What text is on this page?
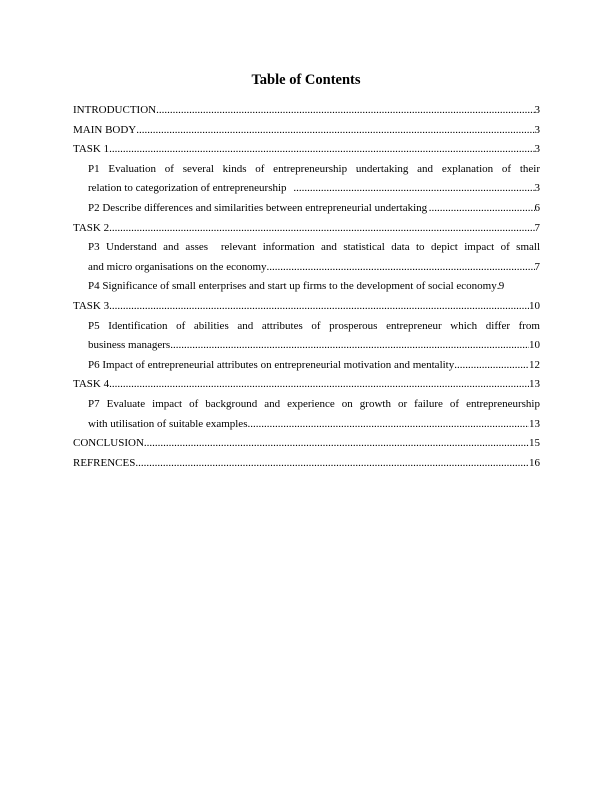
Table of Contents
INTRODUCTION .....	3
MAIN BODY .....	3
TASK 1 .....	3
P1 Evaluation of several kinds of entrepreneurship undertaking and explanation of their
relation to categorization of entrepreneurship .....	3
P2 Describe differences and similarities between entrepreneurial undertaking .....	6
TASK 2 .....	7
P3 Understand and asses  relevant information and statistical data to depict impact of small
and micro organisations on the economy .....	7
P4 Significance of small enterprises and start up firms to the development of social economy ..... 9
TASK 3 .....	10
P5 Identification of abilities and attributes of prosperous entrepreneur which differ from
business managers .....	10
P6 Impact of entrepreneurial attributes on entrepreneurial motivation and mentality .....	12
TASK 4 .....	13
P7 Evaluate impact of background and experience on growth or failure of entrepreneurship
with utilisation of suitable examples .....	13
CONCLUSION .....	15
REFRENCES .....	16
